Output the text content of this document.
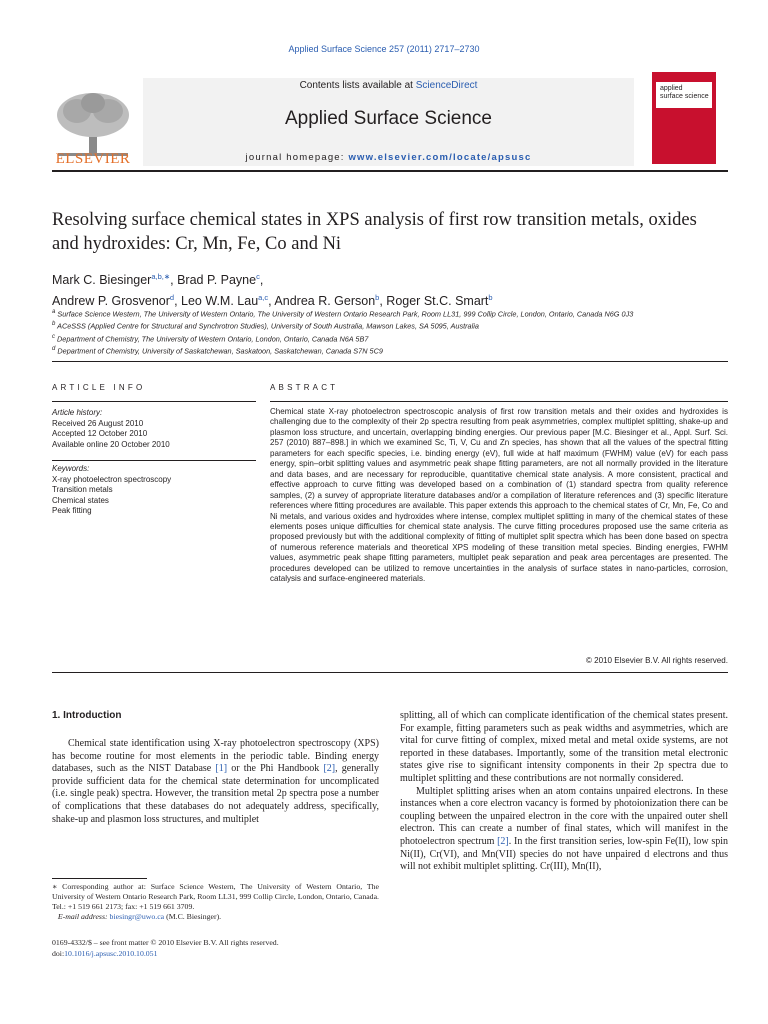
Applied Surface Science 257 (2011) 2717–2730
ELSEVIER
Contents lists available at ScienceDirect
Applied Surface Science
journal homepage: www.elsevier.com/locate/apsusc
applied
surface science
Resolving surface chemical states in XPS analysis of first row transition metals, oxides and hydroxides: Cr, Mn, Fe, Co and Ni
Mark C. Biesinger$^{a,b,∗}$, Brad P. Payne$^c$,
Andrew P. Grosvenor$^d$, Leo W.M. Lau$^{a,c}$, Andrea R. Gerson$^b$, Roger St.C. Smart$^b$
$^a$ Surface Science Western, The University of Western Ontario, The University of Western Ontario Research Park, Room LL31, 999 Collip Circle, London, Ontario, Canada N6G 0J3
$^b$ ACeSSS (Applied Centre for Structural and Synchrotron Studies), University of South Australia, Mawson Lakes, SA 5095, Australia
$^c$ Department of Chemistry, The University of Western Ontario, London, Ontario, Canada N6A 5B7
$^d$ Department of Chemistry, University of Saskatchewan, Saskatoon, Saskatchewan, Canada S7N 5C9
ARTICLE INFO	ABSTRACT
Article history:
Received 26 August 2010
Accepted 12 October 2010
Available online 20 October 2010
Keywords:
X-ray photoelectron spectroscopy
Transition metals
Chemical states
Peak fitting
Chemical state X-ray photoelectron spectroscopic analysis of first row transition metals and their oxides and hydroxides is challenging due to the complexity of their 2p spectra resulting from peak asymmetries, complex multiplet splitting, shake-up and plasmon loss structure, and uncertain, overlapping binding energies. Our previous paper [M.C. Biesinger et al., Appl. Surf. Sci. 257 (2010) 887–898.] in which we examined Sc, Ti, V, Cu and Zn species, has shown that all the values of the spectral fitting parameters for each specific species, i.e. binding energy (eV), full wide at half maximum (FWHM) value (eV) for each pass energy, spin–orbit splitting values and asymmetric peak shape fitting parameters, are not all normally provided in the literature and data bases, and are necessary for reproducible, quantitative chemical state analysis. A more consistent, practical and effective approach to curve fitting was developed based on a combination of (1) standard spectra from quality reference samples, (2) a survey of appropriate literature databases and/or a compilation of literature references and (3) specific literature references where fitting procedures are available. This paper extends this approach to the chemical states of Cr, Mn, Fe, Co and Ni metals, and various oxides and hydroxides where intense, complex multiplet splitting in many of the chemical states of these elements poses unique difficulties for chemical state analysis. The curve fitting procedures proposed use the same criteria as proposed previously but with the additional complexity of fitting of multiplet split spectra which has been done based on spectra of numerous reference materials and theoretical XPS modeling of these transition metal species. Binding energies, FWHM values, asymmetric peak shape fitting parameters, multiplet peak separation and peak area percentages are presented. The procedures developed can be utilized to remove uncertainties in the analysis of surface states in nano-particles, corrosion, catalysis and surface-engineered materials.
© 2010 Elsevier B.V. All rights reserved.
1. Introduction

Chemical state identification using X-ray photoelectron spectroscopy (XPS) has become routine for most elements in the periodic table. Binding energy databases, such as the NIST Database [1] or the Phi Handbook [2], generally provide sufficient data for the chemical state determination for uncomplicated (i.e. single peak) spectra. However, the transition metal 2p spectra pose a number of complications that these databases do not adequately address, specifically, shake-up and plasmon loss structures, and multiplet

splitting, all of which can complicate identification of the chemical states present. For example, fitting parameters such as peak widths and asymmetries, which are vital for curve fitting of complex, mixed metal and metal oxide systems, are not reported in these databases. Importantly, some of the transition metal electronic states give rise to significant intensity components in their 2p spectra due to multiplet splitting and these contributions are not normally considered.

Multiplet splitting arises when an atom contains unpaired electrons. In these instances when a core electron vacancy is formed by photoionization there can be coupling between the unpaired electron in the core with the unpaired outer shell electron. This can create a number of final states, which will manifest in the photoelectron spectrum [2]. In the first transition series, low-spin Fe(II), low spin Ni(II), Cr(VI), and Mn(VII) species do not have unpaired d electrons and thus will not exhibit multiplet splitting. Cr(III), Mn(II),

∗ Corresponding author at: Surface Science Western, The University of Western Ontario, The University of Western Ontario Research Park, Room LL31, 999 Collip Circle, London, Ontario, Canada. Tel.: +1 519 661 2173; fax: +1 519 661 3709.
E-mail address: biesingr@uwo.ca (M.C. Biesinger).
0169-4332/$ – see front matter © 2010 Elsevier B.V. All rights reserved.
doi:10.1016/j.apsusc.2010.10.051
